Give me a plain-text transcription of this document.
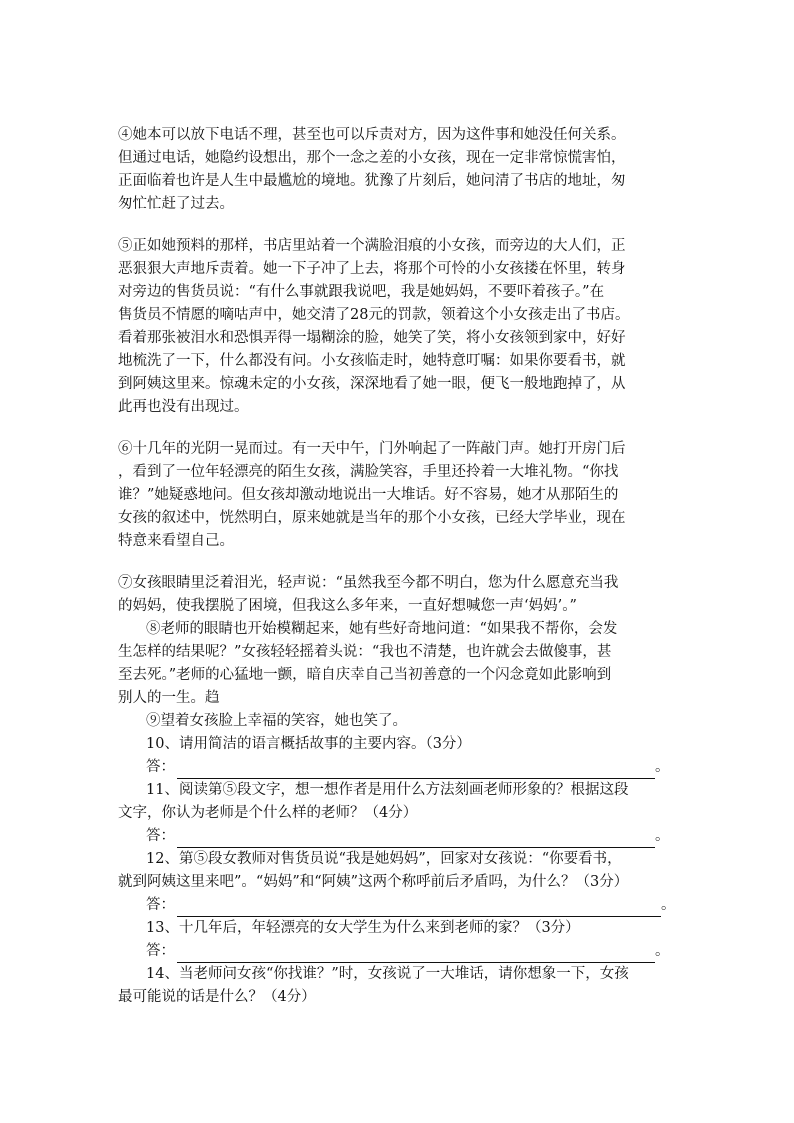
④她本可以放下电话不理，甚至也可以斥责对方，因为这件事和她没任何关系。
但通过电话，她隐约设想出，那个一念之差的小女孩，现在一定非常惊慌害怕，
正面临着也许是人生中最尴尬的境地。犹豫了片刻后，她问清了书店的地址，匆
匆忙忙赶了过去。
⑤正如她预料的那样，书店里站着一个满脸泪痕的小女孩，而旁边的大人们，正
恶狠狠大声地斥责着。她一下子冲了上去，将那个可怜的小女孩搂在怀里，转身
对旁边的售货员说：“有什么事就跟我说吧，我是她妈妈，不要吓着孩子。”在
售货员不情愿的嘀咕声中，她交清了28元的罚款，领着这个小女孩走出了书店。
看着那张被泪水和恐惧弄得一塌糊涂的脸，她笑了笑，将小女孩领到家中，好好
地梳洗了一下，什么都没有问。小女孩临走时，她特意叮嘱：如果你要看书，就
到阿姨这里来。惊魂未定的小女孩，深深地看了她一眼，便飞一般地跑掉了，从
此再也没有出现过。
⑥十几年的光阴一晃而过。有一天中午，门外响起了一阵敲门声。她打开房门后
，看到了一位年轻漂亮的陌生女孩，满脸笑容，手里还拎着一大堆礼物。“你找
谁？”她疑惑地问。但女孩却激动地说出一大堆话。好不容易，她才从那陌生的
女孩的叙述中，恍然明白，原来她就是当年的那个小女孩，已经大学毕业，现在
特意来看望自己。
⑦女孩眼睛里泛着泪光，轻声说：“虽然我至今都不明白，您为什么愿意充当我
的妈妈，使我摆脱了困境，但我这么多年来，一直好想喊您一声‘妈妈’。”
⑧老师的眼睛也开始模糊起来，她有些好奇地问道：“如果我不帮你，会发
生怎样的结果呢？”女孩轻轻摇着头说：“我也不清楚，也许就会去做傻事，甚
至去死。”老师的心猛地一颤，暗自庆幸自己当初善意的一个闪念竟如此影响到
别人的一生。趋
⑨望着女孩脸上幸福的笑容，她也笑了。
10、请用简洁的语言概括故事的主要内容。（3分）
答：	。
11、阅读第⑤段文字，想一想作者是用什么方法刻画老师形象的？根据这段
文字，你认为老师是个什么样的老师？（4分）
答：	。
12、第⑤段女教师对售货员说“我是她妈妈”，回家对女孩说：“你要看书，
就到阿姨这里来吧”。“妈妈”和“阿姨”这两个称呼前后矛盾吗，为什么？（3分）
答：	。
13、十几年后，年轻漂亮的女大学生为什么来到老师的家？（3分）
答：	。
14、当老师问女孩“你找谁？”时，女孩说了一大堆话，请你想象一下，女孩
最可能说的话是什么？（4分）
